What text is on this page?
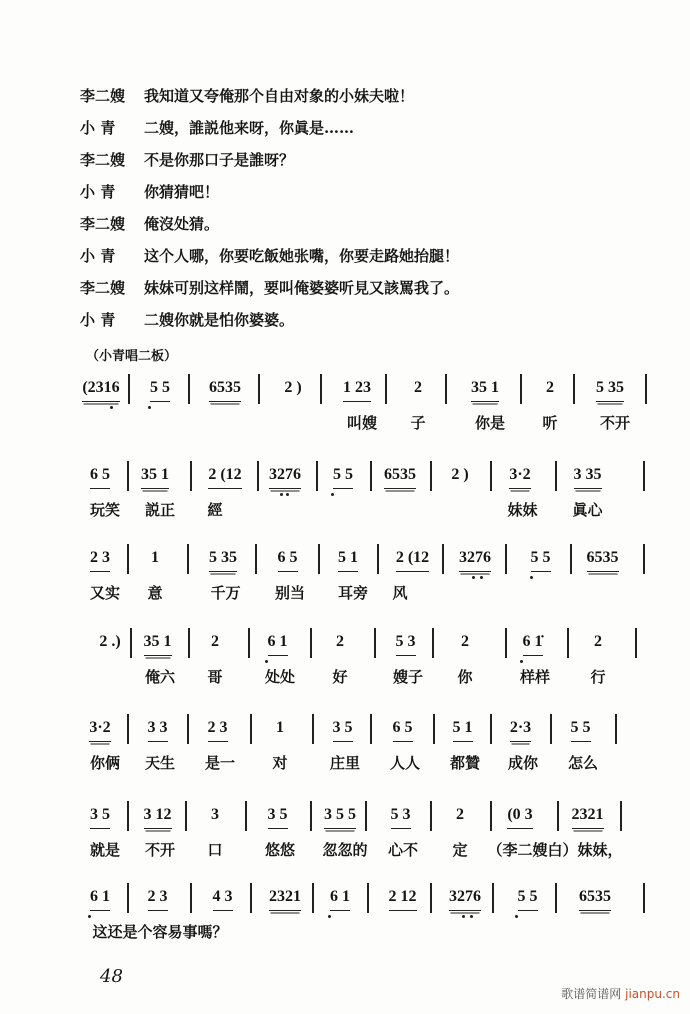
李二嫂 我知道又夸俺那个自由对象的小妹夫啦！
小 青 二嫂，誰説他来呀，你眞是……
李二嫂 不是你那口子是誰呀？
小 青 你猜猜吧！
李二嫂 俺沒处猜。
小 青 这个人哪，你要吃飯她张嘴，你要走路她抬腿！
李二嫂 妹妹可别这样鬧，要叫俺婆婆听見又該罵我了。
小 青 二嫂你就是怕你婆婆。
（小青唱二板）
(2316	5 5	6535	2 )	1 23	2	35 1	2	5 35
叫嫂	子	你是	听	不开
6 5	35 1	2 (12	3276	5 5	6535	2 )	3·2	3 35
玩笑	説正	經	妹妹	眞心
2 3	1	5 35	6 5	5 1	2 (12	3276	5 5	6535
又实	意	千万	别当	耳旁	风
2 .)	35 1	2	6 1	2	5 3	2	6 1̇	2
俺六	哥	处处	好	嫂子	你	样样	行
3·2	3 3	2 3	1	3 5	6 5	5 1	2·3	5 5
你俩	天生	是一	对	庄里	人人	都贊	成你	怎么
3 5	3 12	3	3 5	3 5 5	5 3	2	(0 3	2321
就是	不开	口	悠悠	忽忽的	心不	定	（李二嫂白）妹妹，
6 1	2 3	4 3	2321	6 1	2 12	3276	5 5	6535
这还是个容易事嗎？
48
歌谱简谱网 jianpu.cn
